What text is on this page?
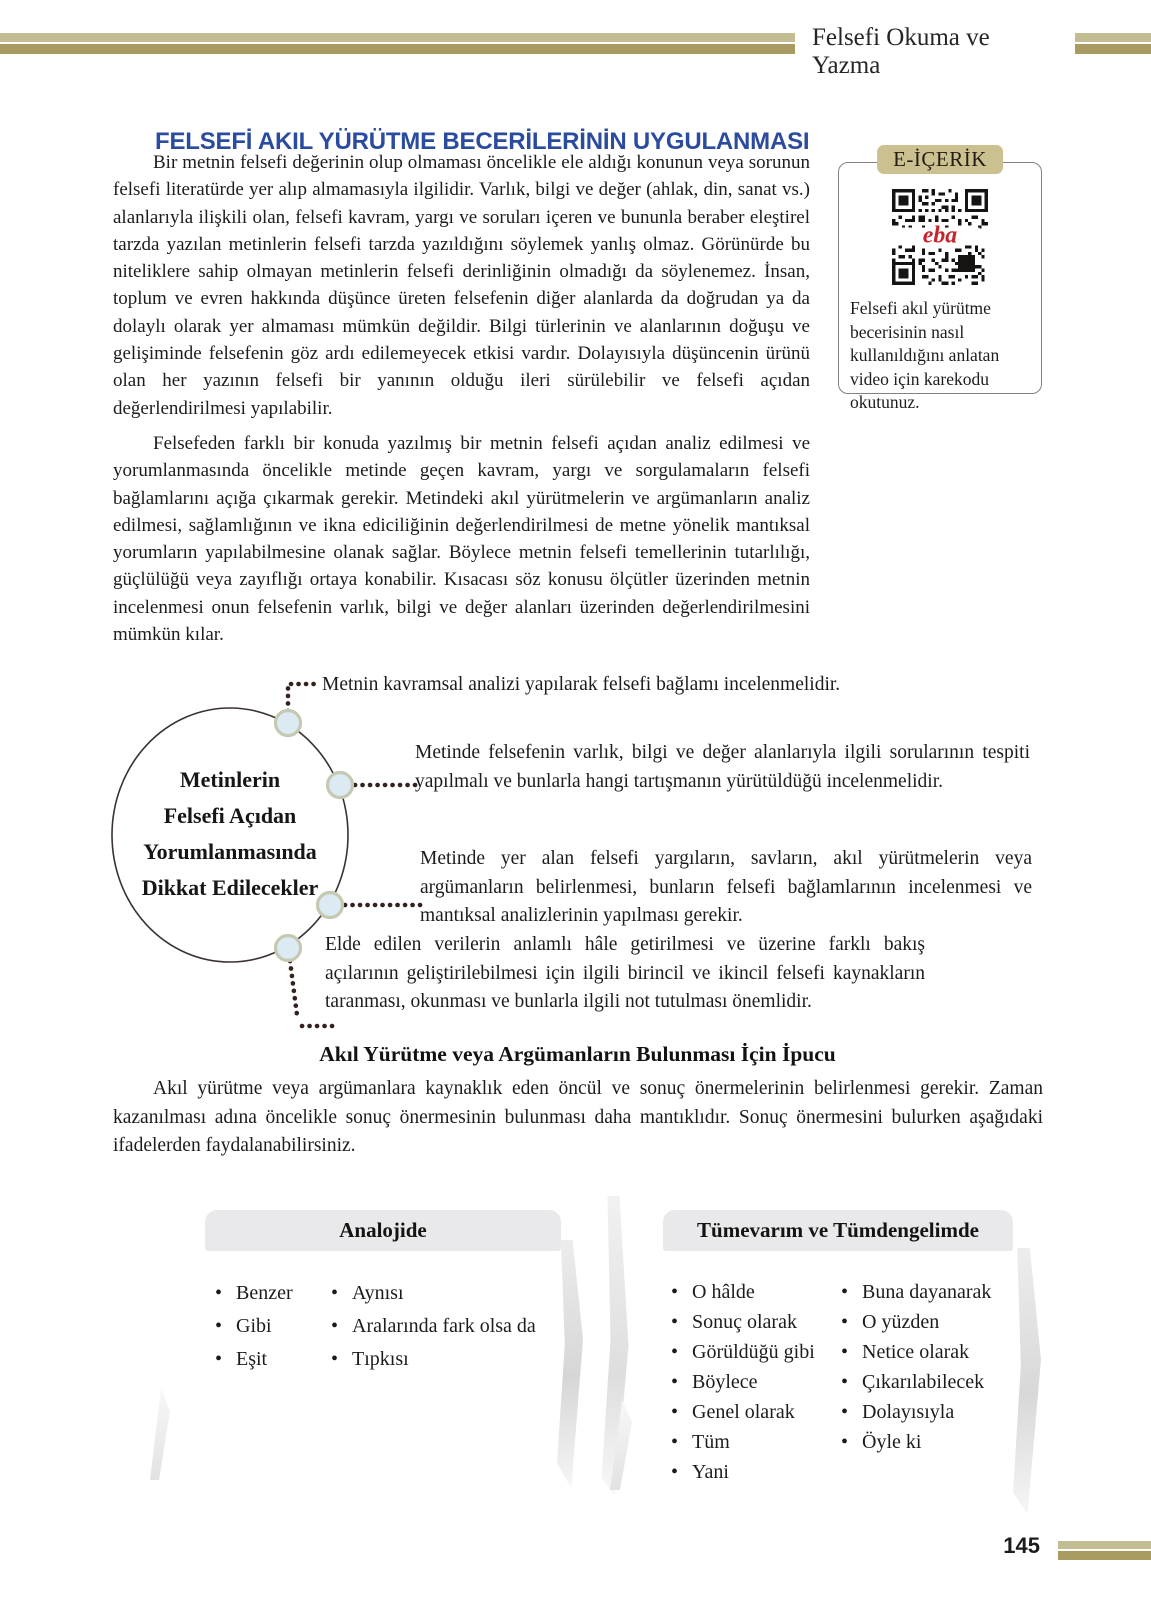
Felsefi Okuma ve Yazma
FELSEFİ AKIL YÜRÜTME BECERİLERİNİN UYGULANMASI

Bir metnin felsefi değerinin olup olmaması öncelikle ele aldığı konunun veya sorunun felsefi literatürde yer alıp almamasıyla ilgilidir. Varlık, bilgi ve değer (ahlak, din, sanat vs.) alanlarıyla ilişkili olan, felsefi kavram, yargı ve soruları içeren ve bununla beraber eleştirel tarzda yazılan metinlerin felsefi tarzda yazıldığını söylemek yanlış olmaz. Görünürde bu niteliklere sahip olmayan metinlerin felsefi derinliğinin olmadığı da söylenemez. İnsan, toplum ve evren hakkında düşünce üreten felsefenin diğer alanlarda da doğrudan ya da dolaylı olarak yer almaması mümkün değildir. Bilgi türlerinin ve alanlarının doğuşu ve gelişiminde felsefenin göz ardı edilemeyecek etkisi vardır. Dolayısıyla düşüncenin ürünü olan her yazının felsefi bir yanının olduğu ileri sürülebilir ve felsefi açıdan değerlendirilmesi yapılabilir.

Felsefeden farklı bir konuda yazılmış bir metnin felsefi açıdan analiz edilmesi ve yorumlanmasında öncelikle metinde geçen kavram, yargı ve sorgulamaların felsefi bağlamlarını açığa çıkarmak gerekir. Metindeki akıl yürütmelerin ve argümanların analiz edilmesi, sağlamlığının ve ikna ediciliğinin değerlendirilmesi de metne yönelik mantıksal yorumların yapılabilmesine olanak sağlar. Böylece metnin felsefi temellerinin tutarlılığı, güçlülüğü veya zayıflığı ortaya konabilir. Kısacası söz konusu ölçütler üzerinden metnin incelenmesi onun felsefenin varlık, bilgi ve değer alanları üzerinden değerlendirilmesini mümkün kılar.

E-İÇERİK
eba
Felsefi akıl yürütme becerisinin nasıl kullanıldığını anlatan video için karekodu okutunuz.
Metinlerin
Felsefi Açıdan
Yorumlanmasında
Dikkat Edilecekler
Metnin kavramsal analizi yapılarak felsefi bağlamı incelenmelidir.
Metinde felsefenin varlık, bilgi ve değer alanlarıyla ilgili sorularının tespiti yapılmalı ve bunlarla hangi tartışmanın yürütüldüğü incelenmelidir.
Metinde yer alan felsefi yargıların, savların, akıl yürütmelerin veya argümanların belirlenmesi, bunların felsefi bağlamlarının incelenmesi ve mantıksal analizlerinin yapılması gerekir.
Elde edilen verilerin anlamlı hâle getirilmesi ve üzerine farklı bakış açılarının geliştirilebilmesi için ilgili birincil ve ikincil felsefi kaynakların taranması, okunması ve bunlarla ilgili not tutulması önemlidir.
Akıl Yürütme veya Argümanların Bulunması İçin İpucu

Akıl yürütme veya argümanlara kaynaklık eden öncül ve sonuç önermelerinin belirlenmesi gerekir. Zaman kazanılması adına öncelikle sonuç önermesinin bulunması daha mantıklıdır. Sonuç önermesini bulurken aşağıdaki ifadelerden faydalanabilirsiniz.

Analojide
• Benzer
• Gibi
• Eşit
• Aynısı
• Aralarında fark olsa da
• Tıpkısı
Tümevarım ve Tümdengelimde
• O hâlde
• Sonuç olarak
• Görüldüğü gibi
• Böylece
• Genel olarak
• Tüm
• Yani
• Buna dayanarak
• O yüzden
• Netice olarak
• Çıkarılabilecek
• Dolayısıyla
• Öyle ki
145
